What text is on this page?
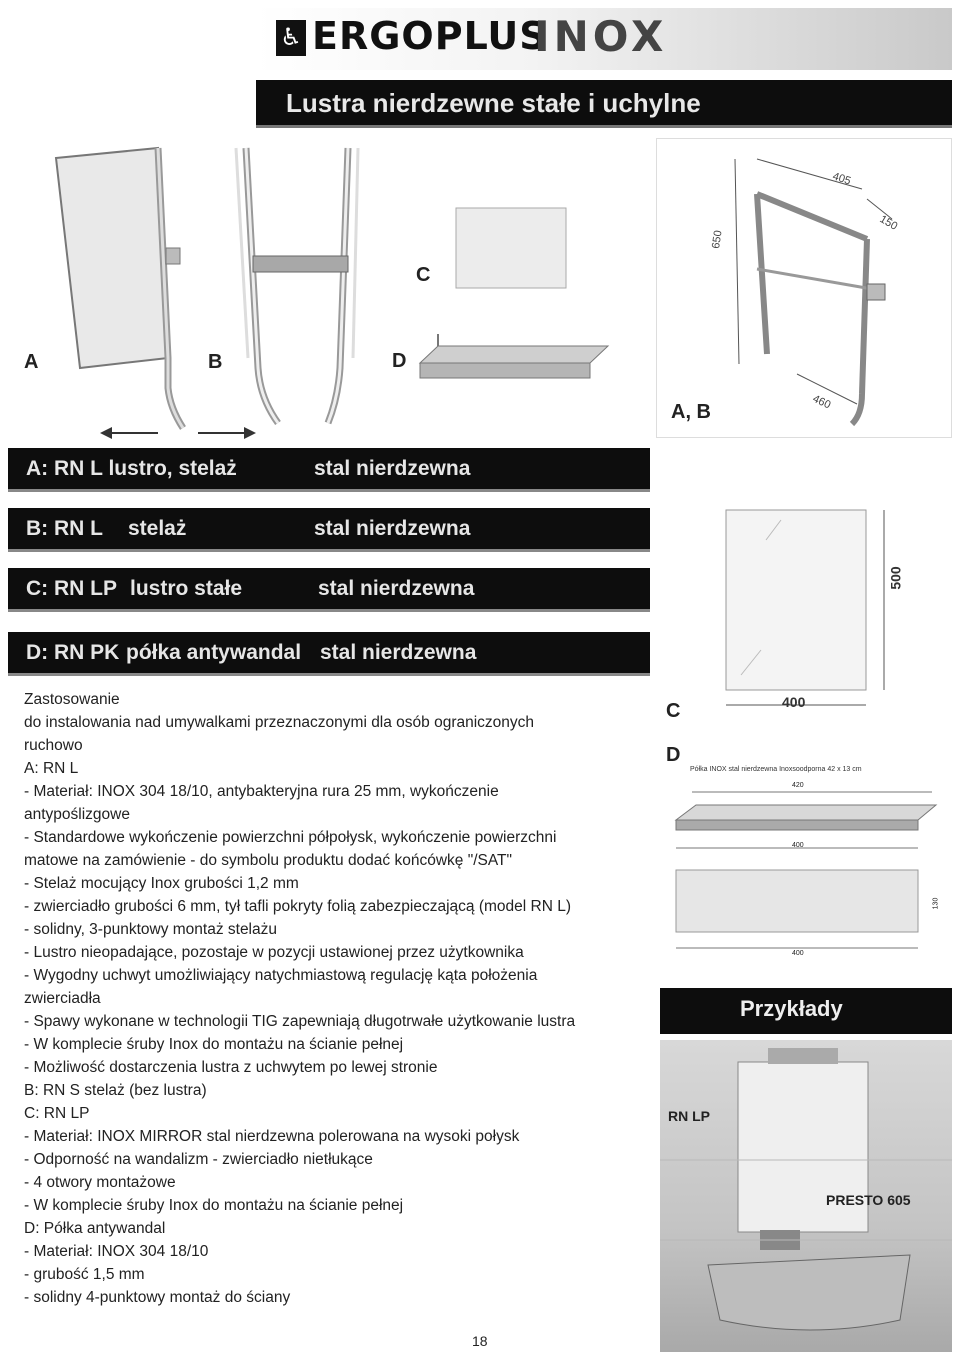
♿ ERGOPLUS
INOX
Lustra nierdzewne stałe i uchylne
A	B
C
D
650
405
150
460
A, B
A: RN L lustro, stelaż	stal nierdzewna
B: RN L stelaż	stal nierdzewna
C: RN LP lustro stałe	stal nierdzewna
D: RN PK półka antywandal stal nierdzewna
500
400
C
D
Półka INOX stal nierdzewna Inoxsoodporna 42 x 13 cm
420
400
130
400
Przykłady
RN LP
PRESTO 605
Zastosowanie
do instalowania nad umywalkami przeznaczonymi dla osób ograniczonych
ruchowo
A: RN L
- Materiał: INOX 304 18/10, antybakteryjna rura 25 mm, wykończenie
antypoślizgowe
- Standardowe wykończenie powierzchni półpołysk, wykończenie powierzchni
matowe na zamówienie - do symbolu produktu dodać końcówkę "/SAT"
- Stelaż mocujący Inox grubości 1,2 mm
- zwierciadło grubości 6 mm, tył tafli pokryty folią zabezpieczającą (model RN L)
- solidny, 3-punktowy montaż stelażu
- Lustro nieopadające, pozostaje w pozycji ustawionej przez użytkownika
- Wygodny uchwyt umożliwiający natychmiastową regulację kąta położenia
zwierciadła
- Spawy wykonane w technologii TIG zapewniają długotrwałe użytkowanie lustra
- W komplecie śruby Inox do montażu na ścianie pełnej
- Możliwość dostarczenia lustra z uchwytem po lewej stronie
B: RN S stelaż (bez lustra)
C: RN LP
- Materiał: INOX MIRROR stal nierdzewna polerowana na wysoki połysk
- Odporność na wandalizm - zwierciadło nietłukące
- 4 otwory montażowe
- W komplecie śruby Inox do montażu na ścianie pełnej
D: Półka antywandal
- Materiał: INOX 304 18/10
- grubość 1,5 mm
- solidny 4-punktowy montaż do ściany
18
